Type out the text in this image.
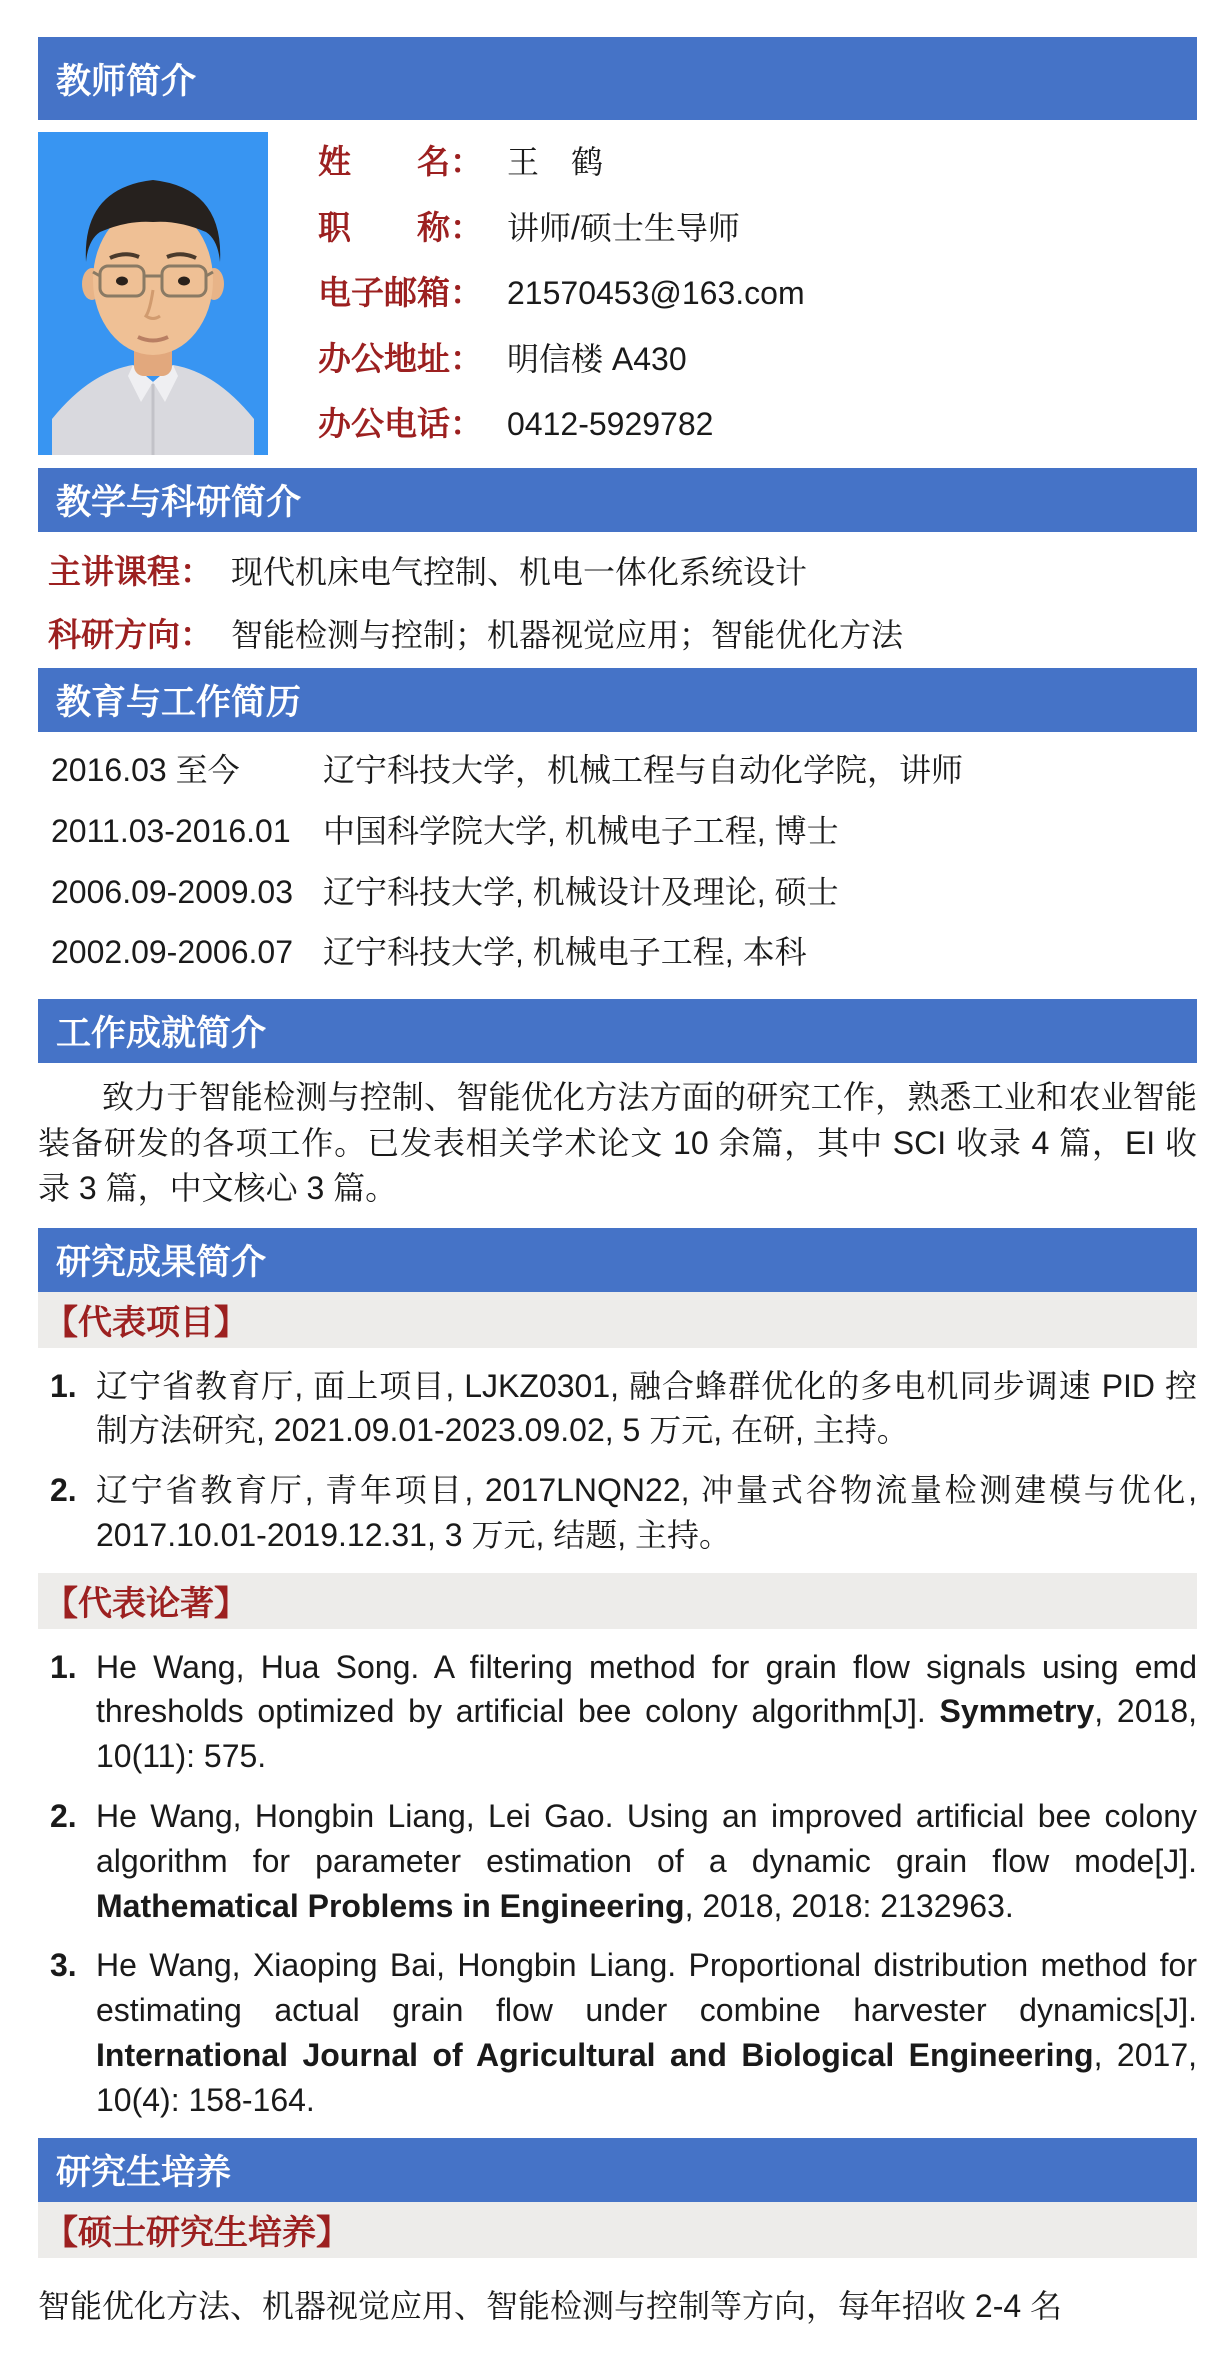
教师简介
姓　　名： 王　鹤
职　　称： 讲师/硕士生导师
电子邮箱： 21570453@163.com
办公地址： 明信楼 A430
办公电话： 0412-5929782
教学与科研简介
主讲课程： 现代机床电气控制、机电一体化系统设计
科研方向： 智能检测与控制；机器视觉应用；智能优化方法
教育与工作简历
2016.03 至今	辽宁科技大学，机械工程与自动化学院，讲师
2011.03-2016.01	中国科学院大学, 机械电子工程, 博士
2006.09-2009.03 辽宁科技大学, 机械设计及理论, 硕士
2002.09-2006.07 辽宁科技大学, 机械电子工程, 本科
工作成就简介

致力于智能检测与控制、智能优化方法方面的研究工作，熟悉工业和农业智能装备研发的各项工作。已发表相关学术论文 10 余篇，其中 SCI 收录 4 篇，EI 收录 3 篇，中文核心 3 篇。

研究成果简介
【代表项目】
1. 辽宁省教育厅, 面上项目, LJKZ0301, 融合蜂群优化的多电机同步调速 PID 控制方法研究, 2021.09.01-2023.09.02, 5 万元, 在研, 主持。
2. 辽宁省教育厅, 青年项目, 2017LNQN22, 冲量式谷物流量检测建模与优化, 2017.10.01-2019.12.31, 3 万元, 结题, 主持。
【代表论著】
1. He Wang, Hua Song. A filtering method for grain flow signals using emd thresholds optimized by artificial bee colony algorithm[J]. Symmetry, 2018, 10(11): 575.
2. He Wang, Hongbin Liang, Lei Gao. Using an improved artificial bee colony algorithm for parameter estimation of a dynamic grain flow mode[J]. Mathematical Problems in Engineering, 2018, 2018: 2132963.
3. He Wang, Xiaoping Bai, Hongbin Liang. Proportional distribution method for estimating actual grain flow under combine harvester dynamics[J]. International Journal of Agricultural and Biological Engineering, 2017, 10(4): 158-164.
研究生培养
【硕士研究生培养】

智能优化方法、机器视觉应用、智能检测与控制等方向，每年招收 2-4 名
